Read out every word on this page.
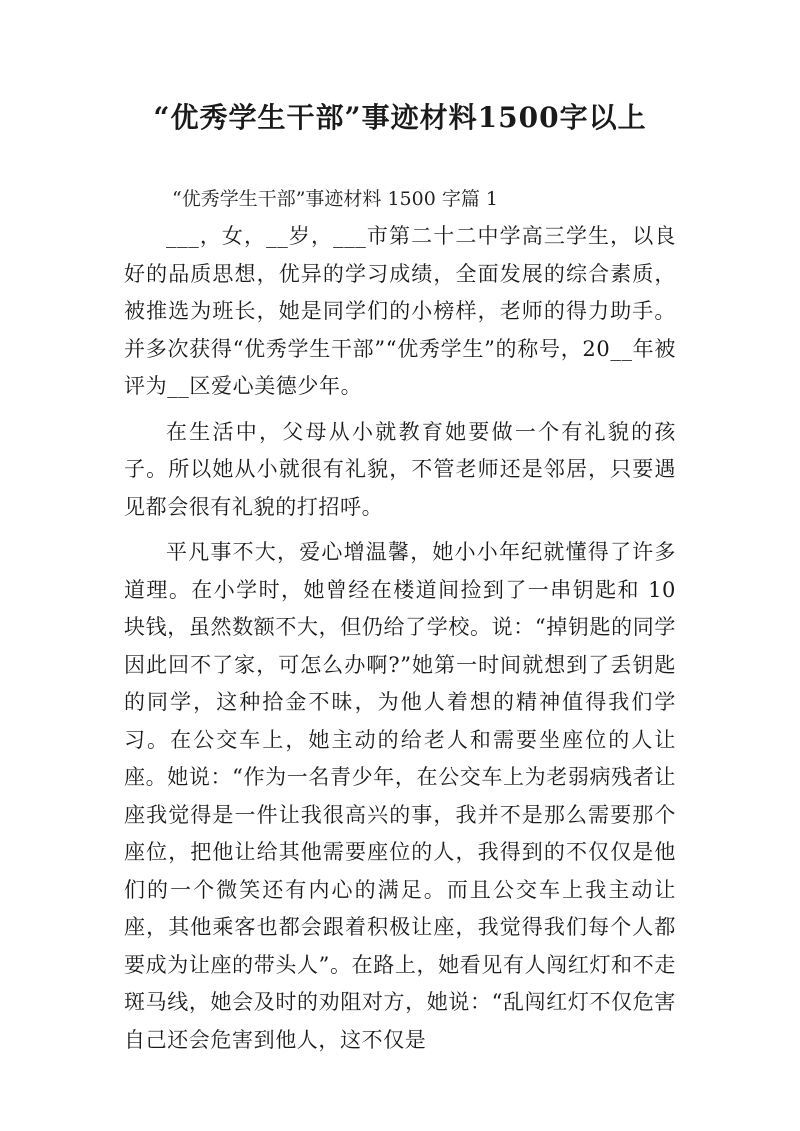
“优秀学生干部”事迹材料1500字以上
“优秀学生干部”事迹材料 1500 字篇 1

___，女，__岁，___市第二十二中学高三学生，以良好的品质思想，优异的学习成绩，全面发展的综合素质，被推选为班长，她是同学们的小榜样，老师的得力助手。并多次获得“优秀学生干部”“优秀学生”的称号，20__年被评为__区爱心美德少年。

在生活中，父母从小就教育她要做一个有礼貌的孩子。所以她从小就很有礼貌，不管老师还是邻居，只要遇见都会很有礼貌的打招呼。

平凡事不大，爱心增温馨，她小小年纪就懂得了许多道理。在小学时，她曾经在楼道间捡到了一串钥匙和 10 块钱，虽然数额不大，但仍给了学校。说：“掉钥匙的同学因此回不了家，可怎么办啊?”她第一时间就想到了丢钥匙的同学，这种拾金不昧，为他人着想的精神值得我们学习。在公交车上，她主动的给老人和需要坐座位的人让座。她说：“作为一名青少年，在公交车上为老弱病残者让座我觉得是一件让我很高兴的事，我并不是那么需要那个座位，把他让给其他需要座位的人，我得到的不仅仅是他们的一个微笑还有内心的满足。而且公交车上我主动让座，其他乘客也都会跟着积极让座，我觉得我们每个人都要成为让座的带头人”。在路上，她看见有人闯红灯和不走斑马线，她会及时的劝阻对方，她说：“乱闯红灯不仅危害自己还会危害到他人，这不仅是
